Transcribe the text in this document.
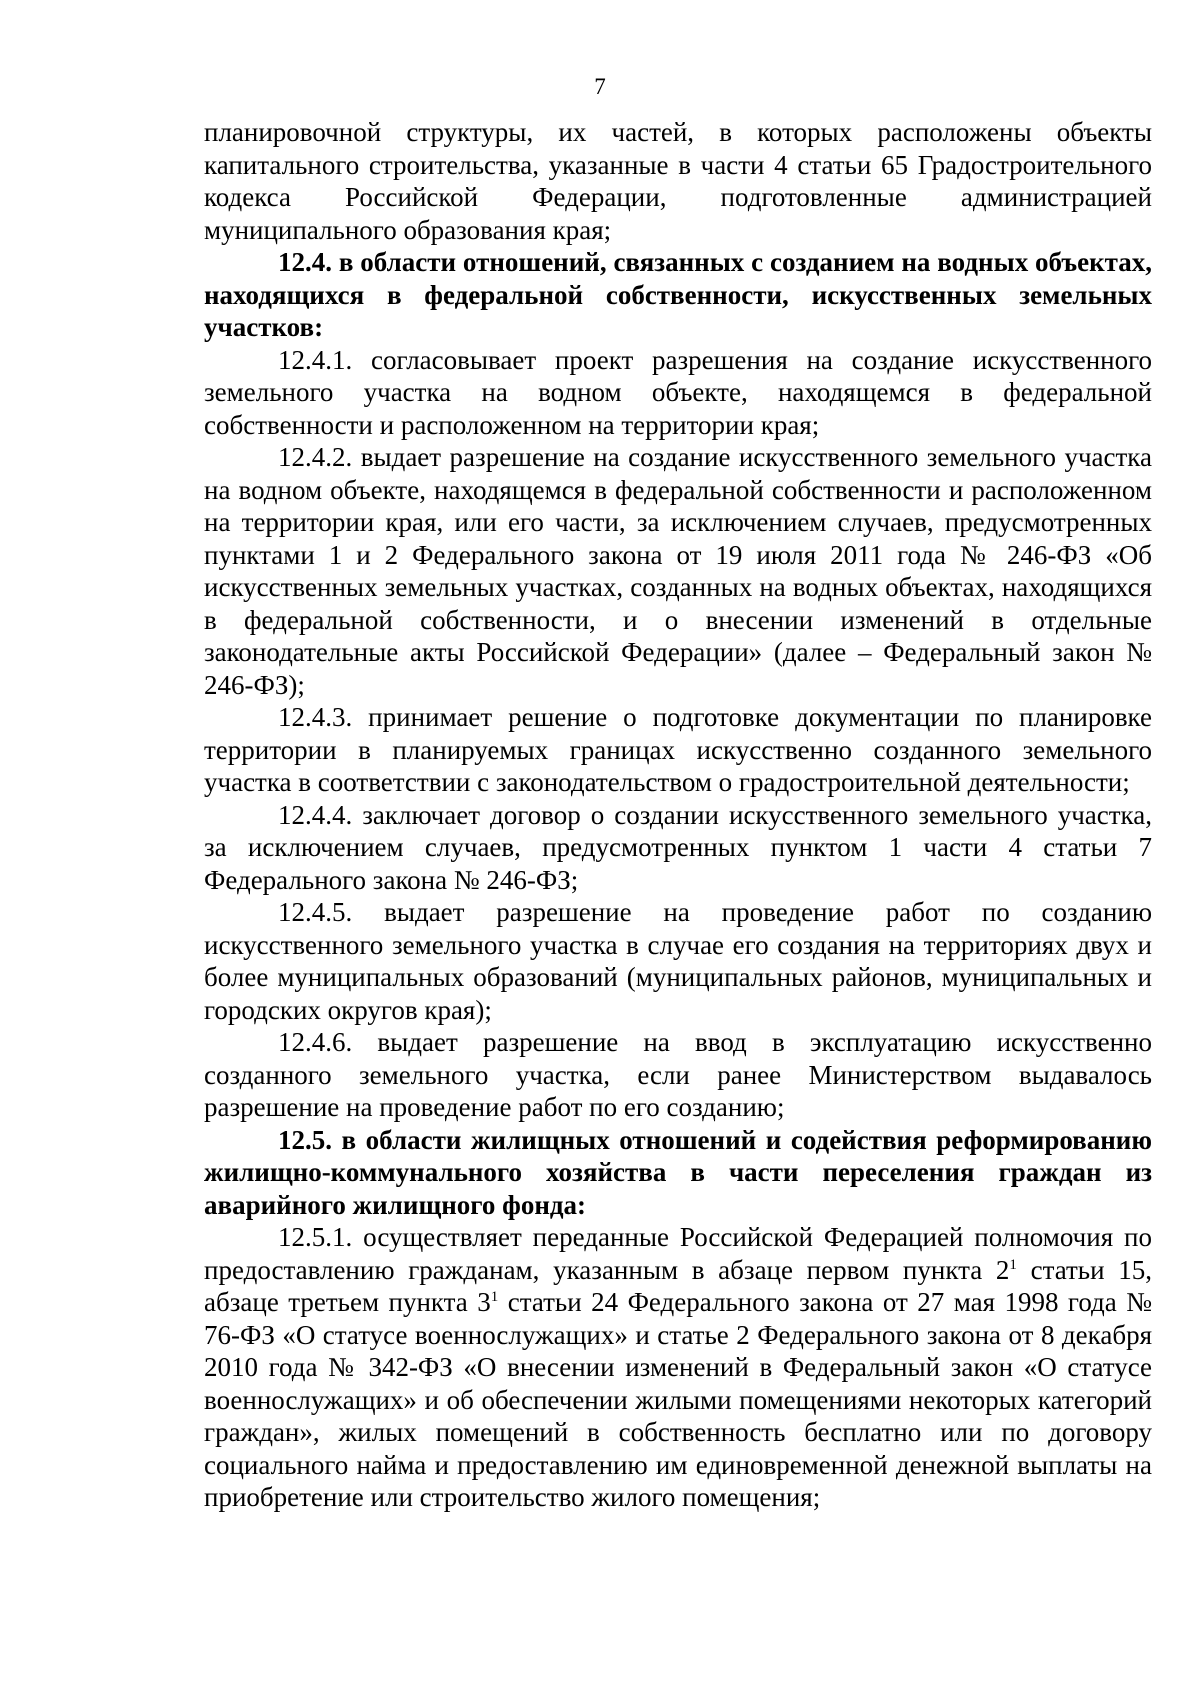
7

планировочной структуры, их частей, в которых расположены объекты капитального строительства, указанные в части 4 статьи 65 Градостроительного кодекса Российской Федерации, подготовленные администрацией муниципального образования края;

12.4. в области отношений, связанных с созданием на водных объектах, находящихся в федеральной собственности, искусственных земельных участков:

12.4.1. согласовывает проект разрешения на создание искусственного земельного участка на водном объекте, находящемся в федеральной собственности и расположенном на территории края;

12.4.2. выдает разрешение на создание искусственного земельного участка на водном объекте, находящемся в федеральной собственности и расположенном на территории края, или его части, за исключением случаев, предусмотренных пунктами 1 и 2 Федерального закона от 19 июля 2011 года № 246-ФЗ «Об искусственных земельных участках, созданных на водных объектах, находящихся в федеральной собственности, и о внесении изменений в отдельные законодательные акты Российской Федерации» (далее – Федеральный закон № 246-ФЗ);

12.4.3. принимает решение о подготовке документации по планировке территории в планируемых границах искусственно созданного земельного участка в соответствии с законодательством о градостроительной деятельности;

12.4.4. заключает договор о создании искусственного земельного участка, за исключением случаев, предусмотренных пунктом 1 части 4 статьи 7 Федерального закона № 246-ФЗ;

12.4.5. выдает разрешение на проведение работ по созданию искусственного земельного участка в случае его создания на территориях двух и более муниципальных образований (муниципальных районов, муниципальных и городских округов края);

12.4.6. выдает разрешение на ввод в эксплуатацию искусственно созданного земельного участка, если ранее Министерством выдавалось разрешение на проведение работ по его созданию;

12.5. в области жилищных отношений и содействия реформированию жилищно-коммунального хозяйства в части переселения граждан из аварийного жилищного фонда:

12.5.1. осуществляет переданные Российской Федерацией полномочия по предоставлению гражданам, указанным в абзаце первом пункта $2^1$ статьи 15, абзаце третьем пункта $3^1$ статьи 24 Федерального закона от 27 мая 1998 года № 76-ФЗ «О статусе военнослужащих» и статье 2 Федерального закона от 8 декабря 2010 года № 342-ФЗ «О внесении изменений в Федеральный закон «О статусе военнослужащих» и об обеспечении жилыми помещениями некоторых категорий граждан», жилых помещений в собственность бесплатно или по договору социального найма и предоставлению им единовременной денежной выплаты на приобретение или строительство жилого помещения;
